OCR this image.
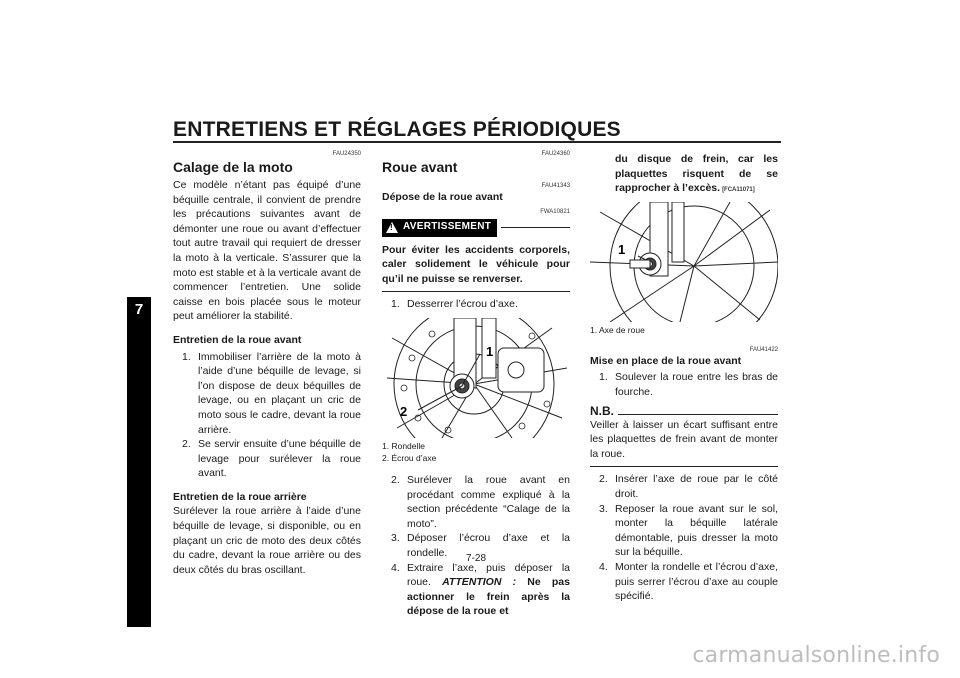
ENTRETIENS ET RÉGLAGES PÉRIODIQUES
7
FAU24350
Calage de la moto

Ce modèle n’étant pas équipé d’une béquille centrale, il convient de prendre les précautions suivantes avant de démonter une roue ou avant d’effectuer tout autre travail qui requiert de dresser la moto à la verticale. S’assurer que la moto est stable et à la verticale avant de commencer l’entretien. Une solide caisse en bois placée sous le moteur peut améliorer la stabilité.

Entretien de la roue avant
1. Immobiliser l’arrière de la moto à l’aide d’une béquille de levage, si l’on dispose de deux béquilles de levage, ou en plaçant un cric de moto sous le cadre, devant la roue arrière.
2. Se servir ensuite d’une béquille de levage pour surélever la roue avant.
Entretien de la roue arrière

Surélever la roue arrière à l’aide d’une béquille de levage, si disponible, ou en plaçant un cric de moto des deux côtés du cadre, devant la roue arrière ou des deux côtés du bras oscillant.

FAU24360
Roue avant
FAU41343
Dépose de la roue avant
FWA10821
! AVERTISSEMENT

Pour éviter les accidents corporels, caler solidement le véhicule pour qu’il ne puisse se renverser.

1. Desserrer l’écrou d’axe.
1
2
1. Rondelle
2. Écrou d’axe
2. Surélever la roue avant en procédant comme expliqué à la section précédente “Calage de la moto”.
3. Déposer l’écrou d’axe et la rondelle.
4. Extraire l’axe, puis déposer la roue. ATTENTION : Ne pas actionner le frein après la dépose de la roue et

du disque de frein, car les plaquettes risquent de se rapprocher à l’excès. [FCA11071]

1
1. Axe de roue
FAU41422
Mise en place de la roue avant
1. Soulever la roue entre les bras de fourche.
N.B.

Veiller à laisser un écart suffisant entre les plaquettes de frein avant de monter la roue.

2. Insérer l’axe de roue par le côté droit.
3. Reposer la roue avant sur le sol, monter la béquille latérale démontable, puis dresser la moto sur la béquille.
4. Monter la rondelle et l’écrou d’axe, puis serrer l’écrou d’axe au couple spécifié.
7-28
carmanualsonline.info
